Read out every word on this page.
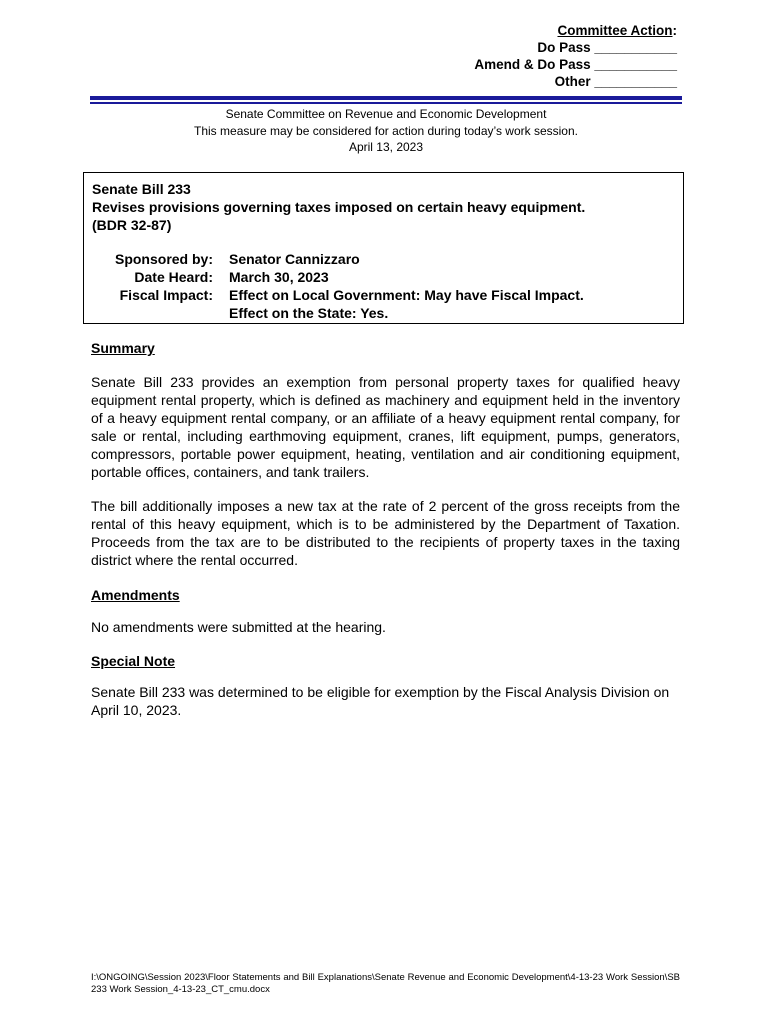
Committee Action:
Do Pass ___________
Amend & Do Pass ___________
Other ___________
Senate Committee on Revenue and Economic Development
This measure may be considered for action during today’s work session.
April 13, 2023
Senate Bill 233
Revises provisions governing taxes imposed on certain heavy equipment.
(BDR 32-87)
Sponsored by:	Senator Cannizzaro
Date Heard:	March 30, 2023
Fiscal Impact:	Effect on Local Government: May have Fiscal Impact.
Effect on the State: Yes.
Summary
Senate Bill 233 provides an exemption from personal property taxes for qualified heavy equipment rental property, which is defined as machinery and equipment held in the inventory of a heavy equipment rental company, or an affiliate of a heavy equipment rental company, for sale or rental, including earthmoving equipment, cranes, lift equipment, pumps, generators, compressors, portable power equipment, heating, ventilation and air conditioning equipment, portable offices, containers, and tank trailers.
The bill additionally imposes a new tax at the rate of 2 percent of the gross receipts from the rental of this heavy equipment, which is to be administered by the Department of Taxation. Proceeds from the tax are to be distributed to the recipients of property taxes in the taxing district where the rental occurred.
Amendments
No amendments were submitted at the hearing.
Special Note
Senate Bill 233 was determined to be eligible for exemption by the Fiscal Analysis Division on April 10, 2023.
I:\ONGOING\Session 2023\Floor Statements and Bill Explanations\Senate Revenue and Economic Development\4-13-23 Work Session\SB 233 Work Session_4-13-23_CT_cmu.docx
